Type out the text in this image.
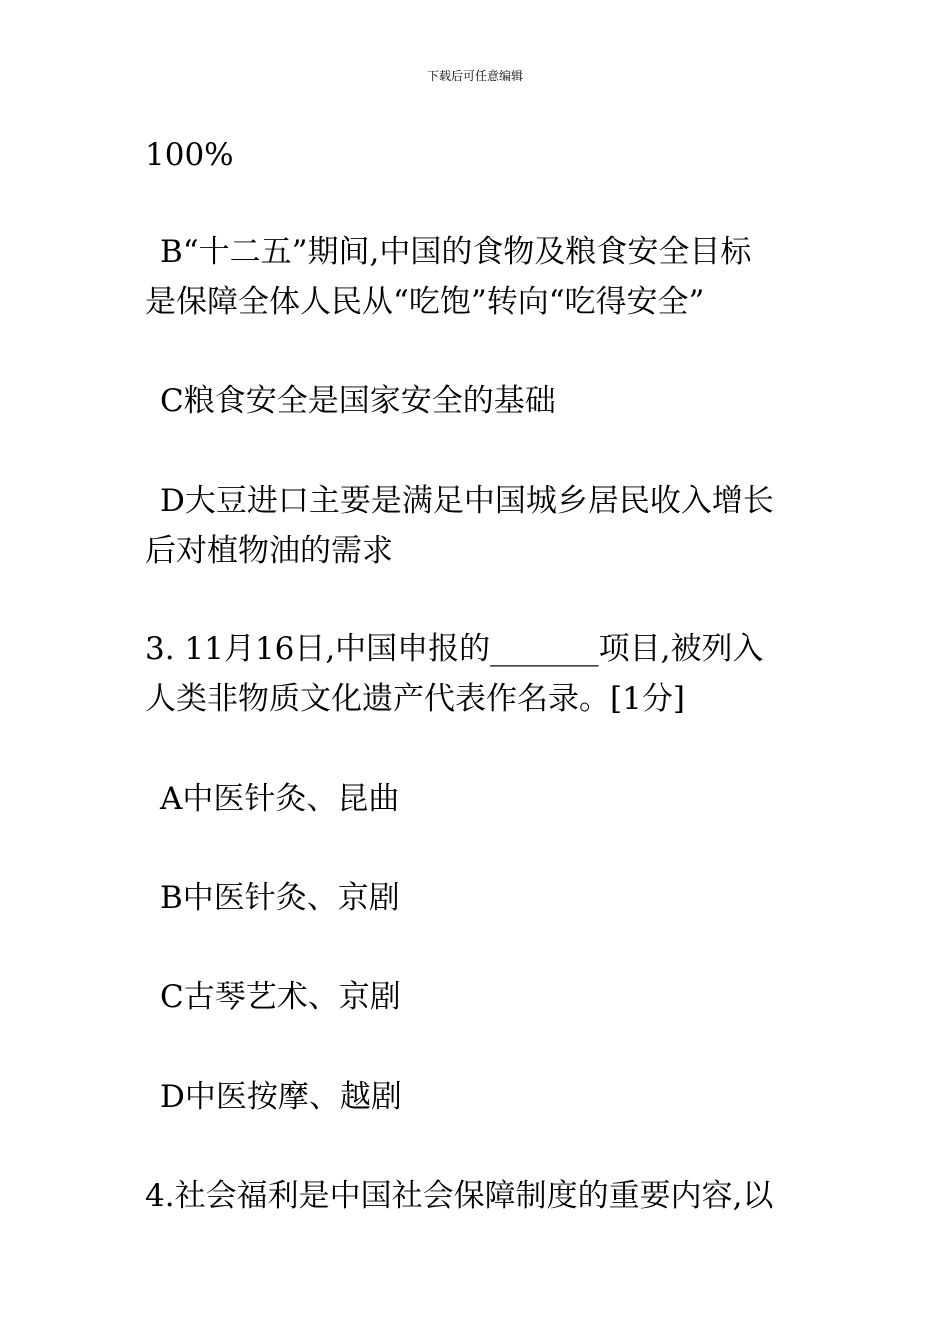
下载后可任意编辑
100%
B“十二五”期间,中国的食物及粮食安全目标
是保障全体人民从“吃饱”转向“吃得安全”
C粮食安全是国家安全的基础
D大豆进口主要是满足中国城乡居民收入增长
后对植物油的需求
3. 11月16日,中国申报的_______项目,被列入
人类非物质文化遗产代表作名录。[1分]
A中医针灸、昆曲
B中医针灸、京剧
C古琴艺术、京剧
D中医按摩、越剧
4.社会福利是中国社会保障制度的重要内容,以
